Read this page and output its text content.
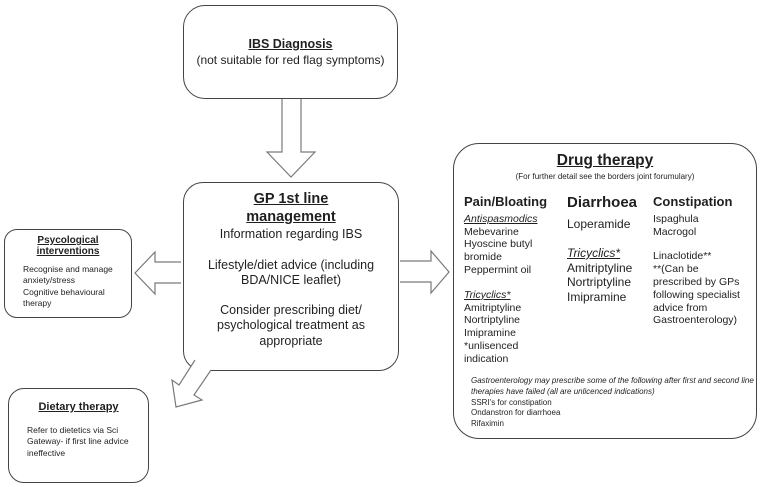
IBS Diagnosis
(not suitable for red flag symptoms)
GP 1st line management
Information regarding IBS
Lifestyle/diet advice (including BDA/NICE leaflet)
Consider prescribing diet/ psychological treatment as appropriate
Psycological interventions
Recognise and manage anxiety/stress
Cognitive behavioural therapy
Dietary therapy
Refer to dietetics via Sci Gateway- if first line advice ineffective
Drug therapy
(For further detail see the borders joint forumulary)
Pain/Bloating
Antispasmodics
Mebevarine
Hyoscine butyl bromide
Peppermint oil
Tricyclics*
Amitriptyline
Nortriptyline
Imipramine
*unlisenced indication
Diarrhoea
Loperamide
Tricyclics*
Amitriptyline
Nortriptyline
Imipramine
Constipation
Ispaghula
Macrogol
Linaclotide**
**(Can be prescribed by GPs following specialist advice from Gastroenterology)
Gastroenterology may prescribe some of the following after first and second line therapies have failed (all are unlicenced indications)
SSRI's for constipation
Ondanstron for diarrhoea
Rifaximin
